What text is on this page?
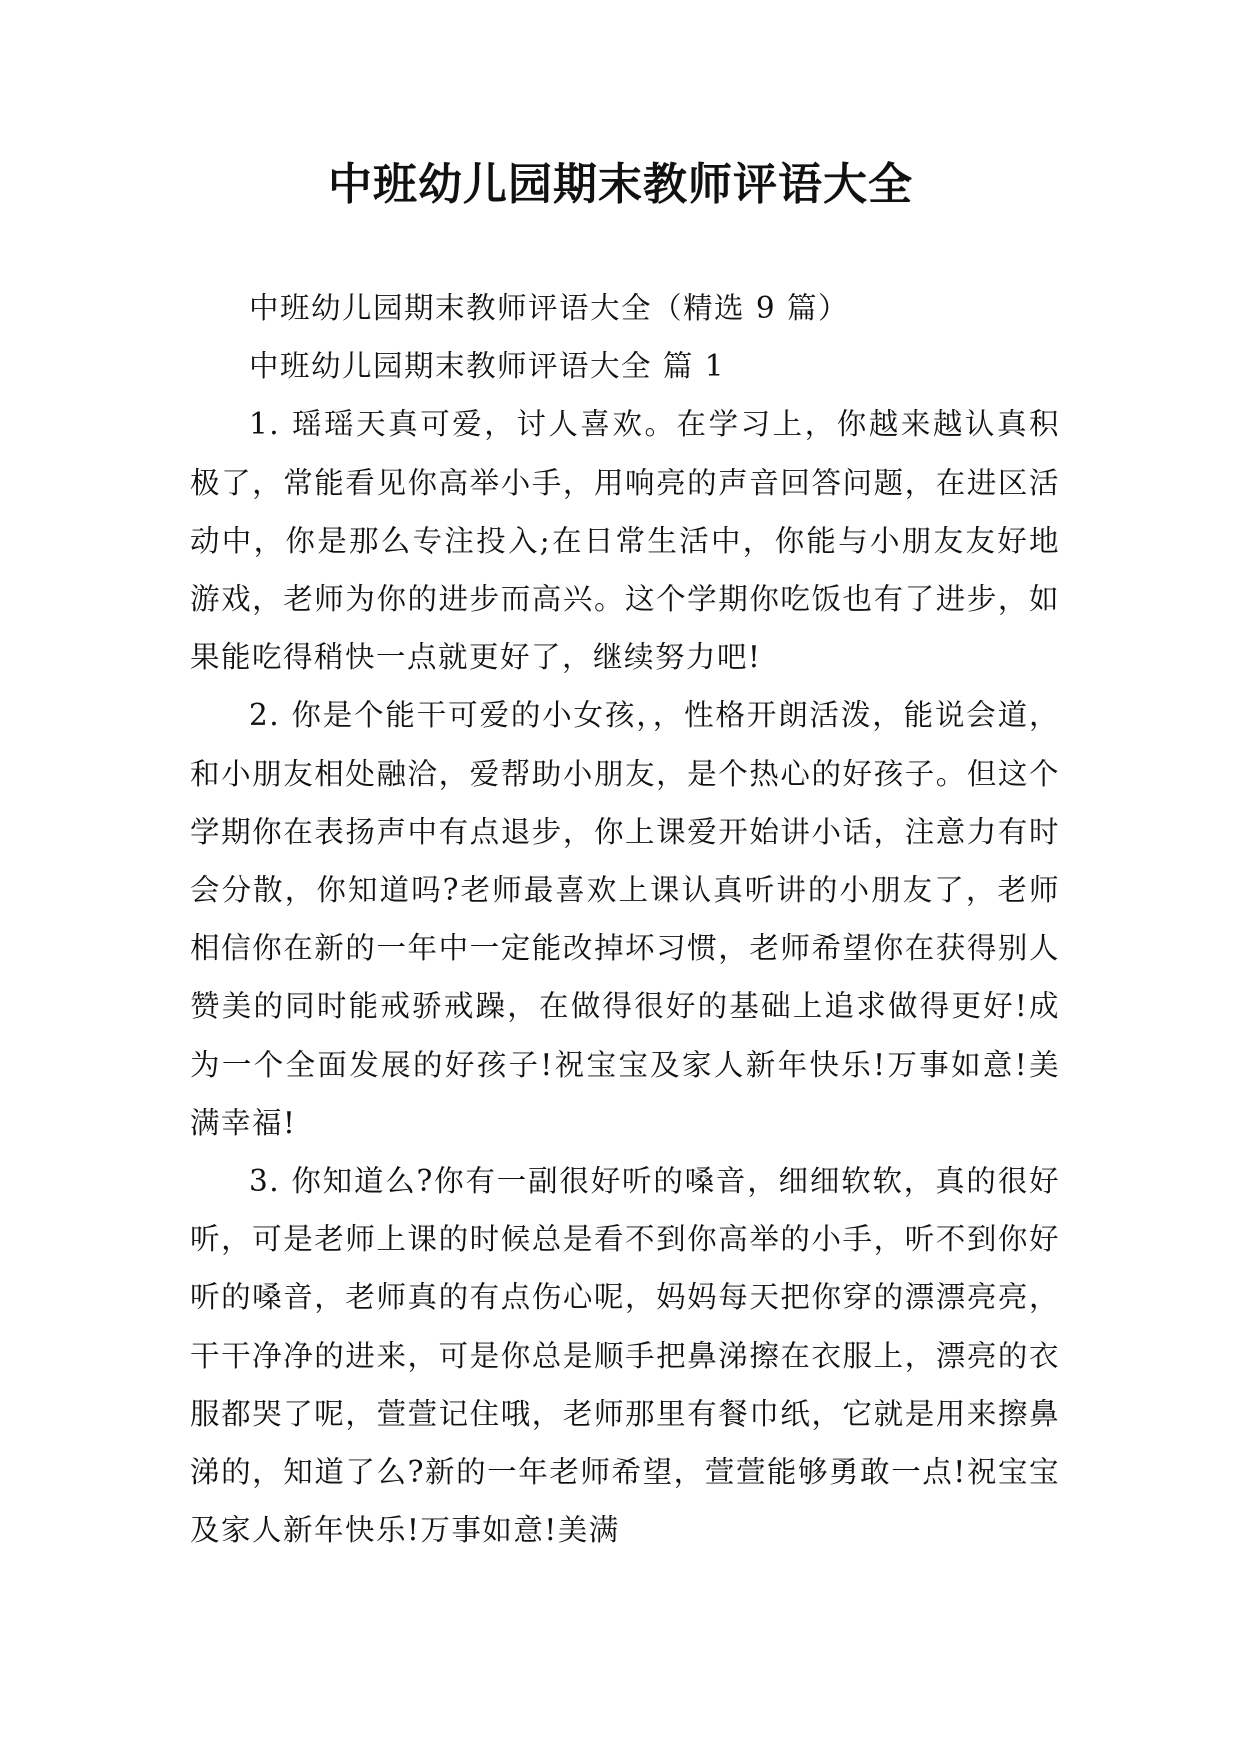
中班幼儿园期末教师评语大全

中班幼儿园期末教师评语大全（精选 9 篇）

中班幼儿园期末教师评语大全 篇 1

1. 瑶瑶天真可爱，讨人喜欢。在学习上，你越来越认真积极了，常能看见你高举小手，用响亮的声音回答问题，在进区活动中，你是那么专注投入;在日常生活中，你能与小朋友友好地游戏，老师为你的进步而高兴。这个学期你吃饭也有了进步，如果能吃得稍快一点就更好了，继续努力吧!

2. 你是个能干可爱的小女孩，，性格开朗活泼，能说会道，和小朋友相处融洽，爱帮助小朋友，是个热心的好孩子。但这个学期你在表扬声中有点退步，你上课爱开始讲小话，注意力有时会分散，你知道吗?老师最喜欢上课认真听讲的小朋友了，老师相信你在新的一年中一定能改掉坏习惯，老师希望你在获得别人赞美的同时能戒骄戒躁，在做得很好的基础上追求做得更好!成为一个全面发展的好孩子!祝宝宝及家人新年快乐!万事如意!美满幸福!

3. 你知道么?你有一副很好听的嗓音，细细软软，真的很好听，可是老师上课的时候总是看不到你高举的小手，听不到你好听的嗓音，老师真的有点伤心呢，妈妈每天把你穿的漂漂亮亮，干干净净的进来，可是你总是顺手把鼻涕擦在衣服上，漂亮的衣服都哭了呢，萱萱记住哦，老师那里有餐巾纸，它就是用来擦鼻涕的，知道了么?新的一年老师希望，萱萱能够勇敢一点!祝宝宝及家人新年快乐!万事如意!美满
